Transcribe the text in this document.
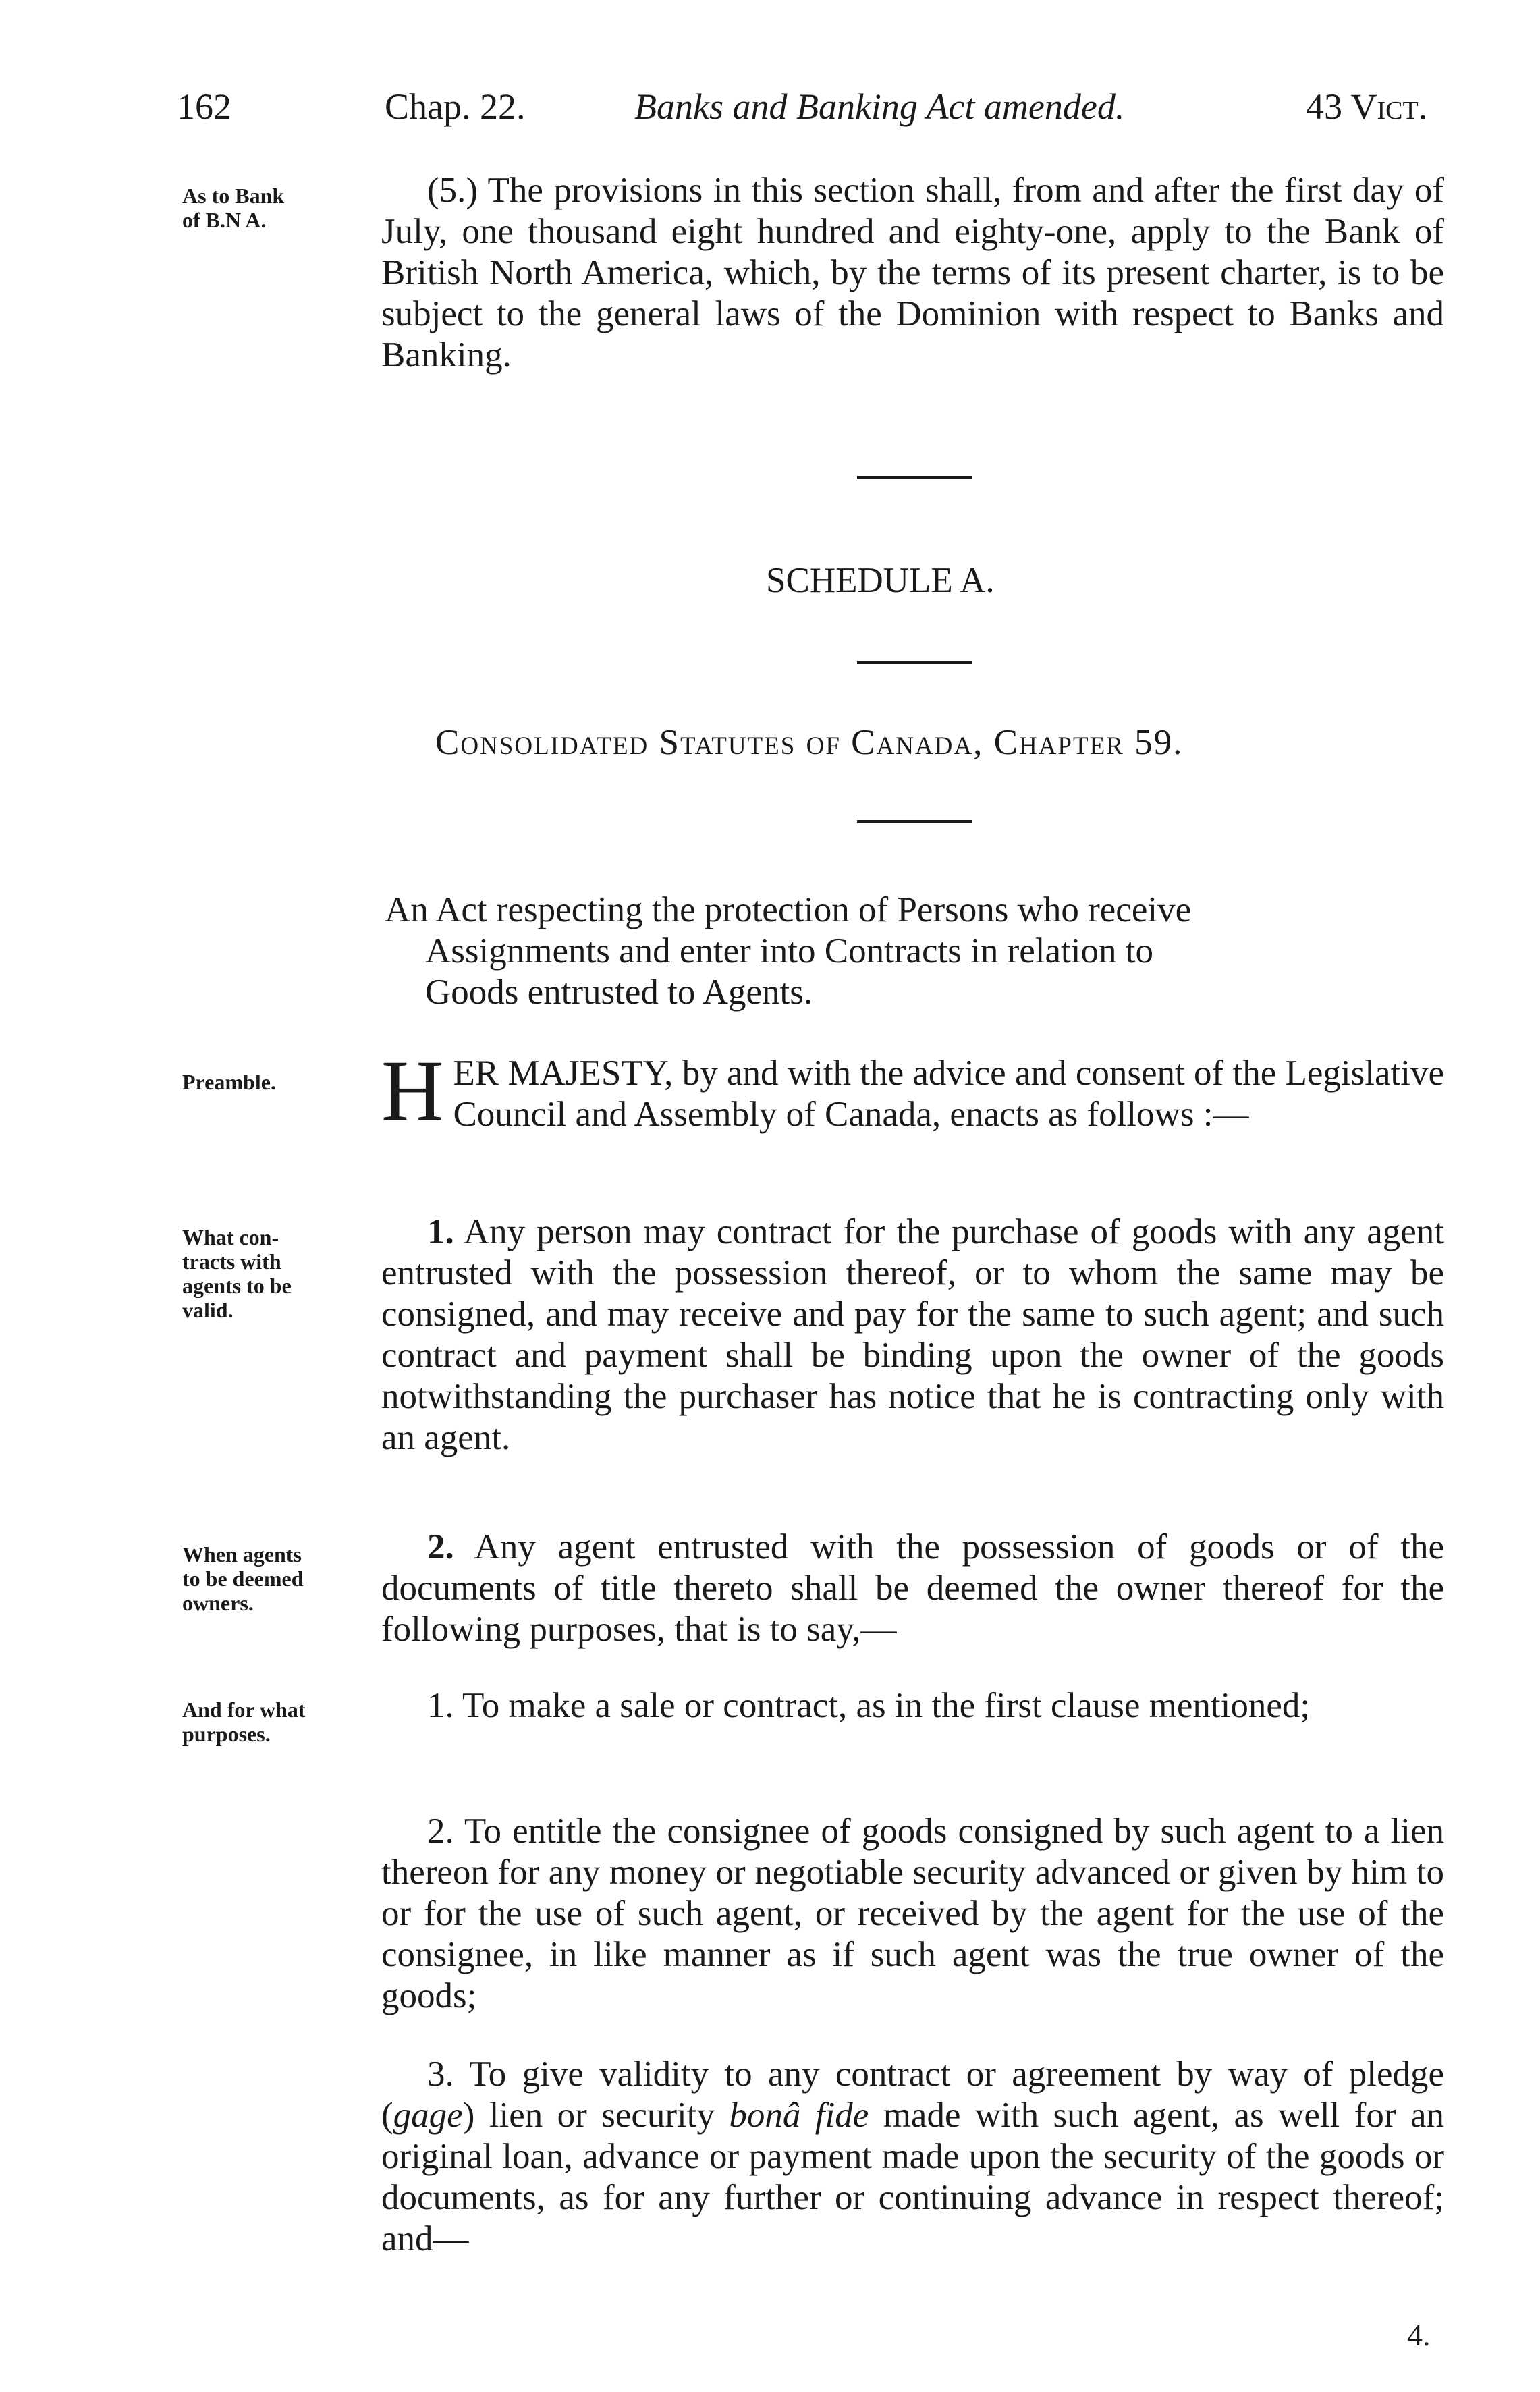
162	Chap. 22.	Banks and Banking Act amended.	43 Vict.
As to Bank
of B.N A.
(5.) The provisions in this section shall, from and after the first day of July, one thousand eight hundred and eighty-one, apply to the Bank of British North America, which, by the terms of its present charter, is to be subject to the general laws of the Dominion with respect to Banks and Banking.
SCHEDULE A.
Consolidated Statutes of Canada, Chapter 59.
An Act respecting the protection of Persons who receive
Assignments and enter into Contracts in relation to
Goods entrusted to Agents.
Preamble.	HER MAJESTY, by and with the advice and consent of the Legislative Council and Assembly of Canada, enacts as follows :—
What con-
tracts with
agents to be
valid.
1. Any person may contract for the purchase of goods with any agent entrusted with the possession thereof, or to whom the same may be consigned, and may receive and pay for the same to such agent; and such contract and payment shall be binding upon the owner of the goods notwithstanding the purchaser has notice that he is contracting only with an agent.
When agents
to be deemed
owners.
2. Any agent entrusted with the possession of goods or of the documents of title thereto shall be deemed the owner thereof for the following purposes, that is to say,—
And for what
purposes.
1. To make a sale or contract, as in the first clause mentioned;
2. To entitle the consignee of goods consigned by such agent to a lien thereon for any money or negotiable security advanced or given by him to or for the use of such agent, or received by the agent for the use of the consignee, in like manner as if such agent was the true owner of the goods;
3. To give validity to any contract or agreement by way of pledge (gage) lien or security bonâ fide made with such agent, as well for an original loan, advance or payment made upon the security of the goods or documents, as for any further or continuing advance in respect thereof; and—
4.
